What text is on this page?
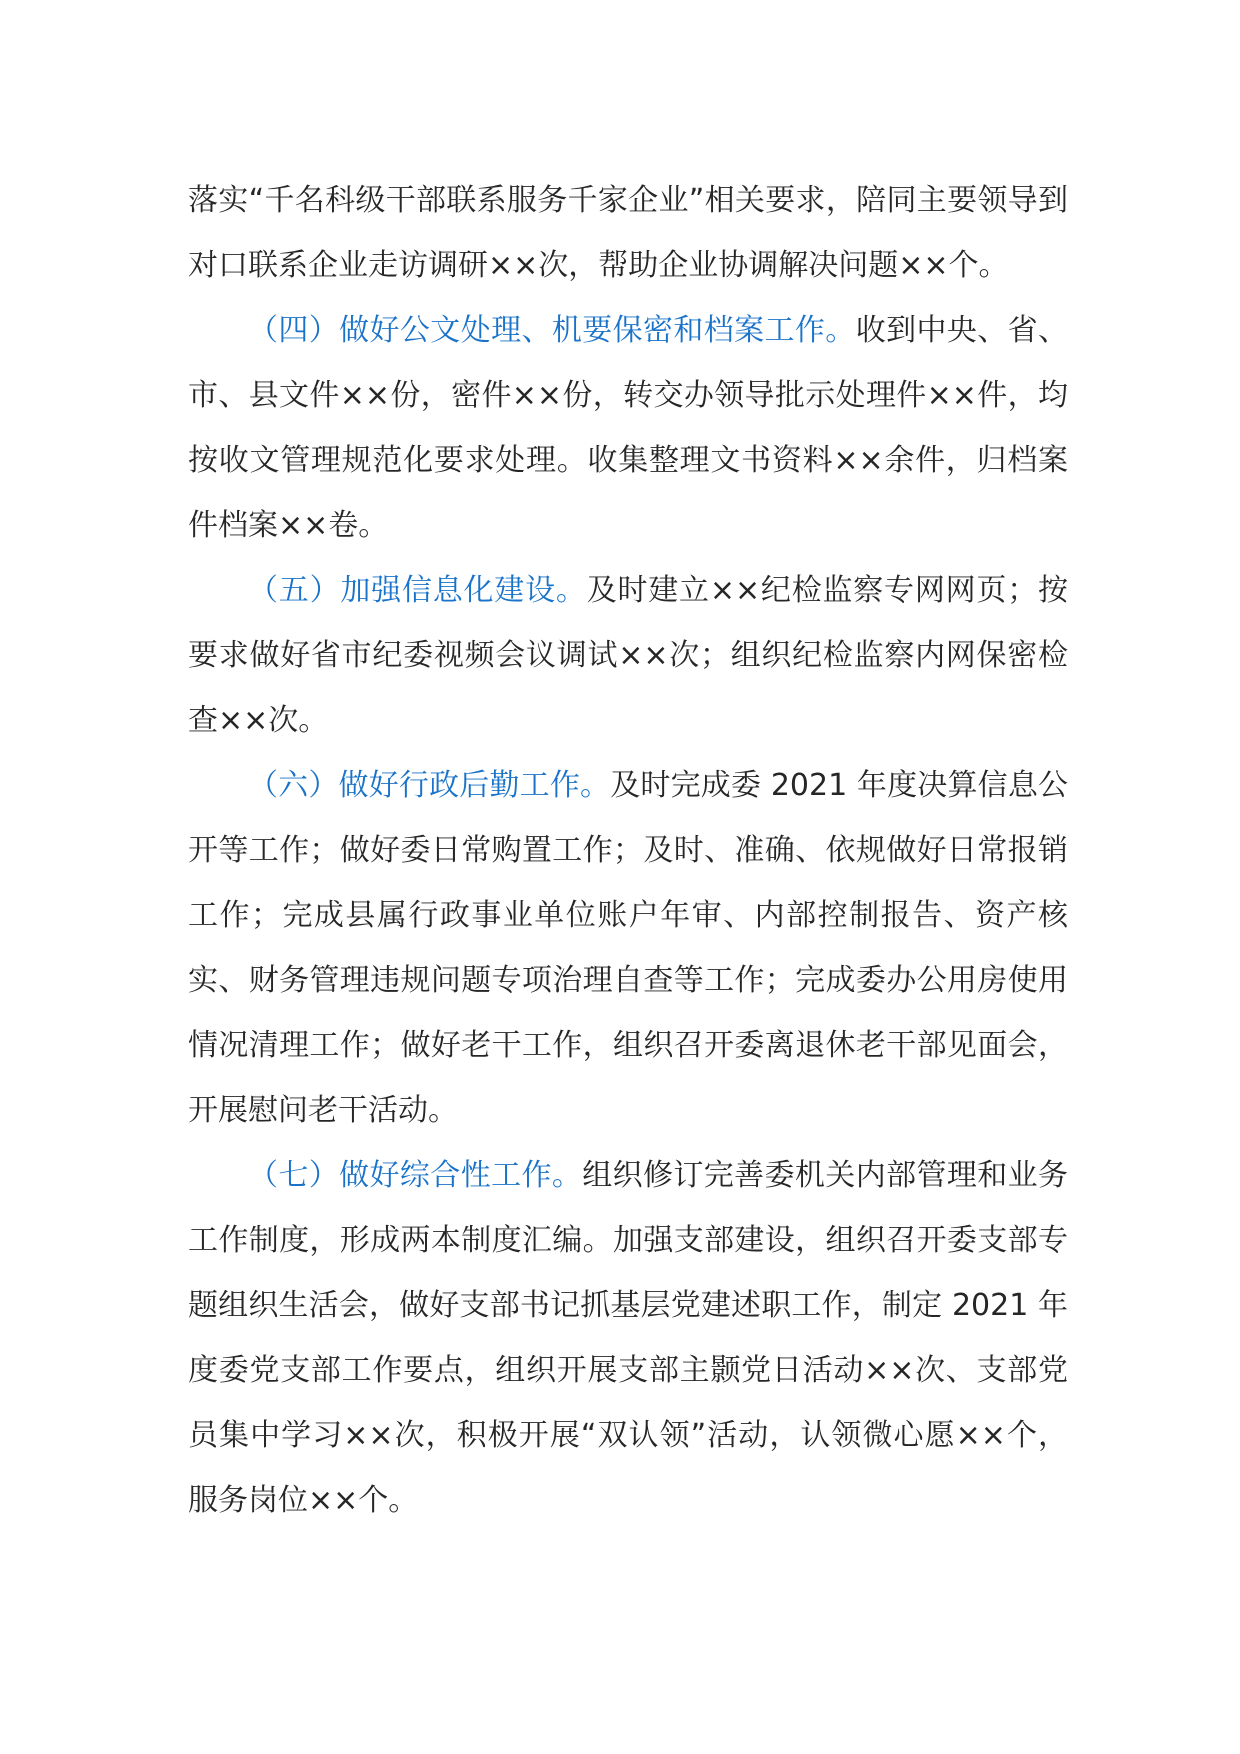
落实“千名科级干部联系服务千家企业”相关要求，陪同主要领导到对口联系企业走访调研××次，帮助企业协调解决问题××个。

（四）做好公文处理、机要保密和档案工作。收到中央、省、市、县文件××份，密件××份，转交办领导批示处理件××件，均按收文管理规范化要求处理。收集整理文书资料××余件，归档案件档案××卷。

（五）加强信息化建设。及时建立××纪检监察专网网页；按要求做好省市纪委视频会议调试××次；组织纪检监察内网保密检查××次。

（六）做好行政后勤工作。及时完成委 2021 年度决算信息公开等工作；做好委日常购置工作；及时、准确、依规做好日常报销工作；完成县属行政事业单位账户年审、内部控制报告、资产核实、财务管理违规问题专项治理自查等工作；完成委办公用房使用情况清理工作；做好老干工作，组织召开委离退休老干部见面会，开展慰问老干活动。

（七）做好综合性工作。组织修订完善委机关内部管理和业务工作制度，形成两本制度汇编。加强支部建设，组织召开委支部专题组织生活会，做好支部书记抓基层党建述职工作，制定 2021 年度委党支部工作要点，组织开展支部主颢党日活动××次、支部党员集中学习××次，积极开展“双认领”活动，认领微心愿××个，服务岗位××个。
